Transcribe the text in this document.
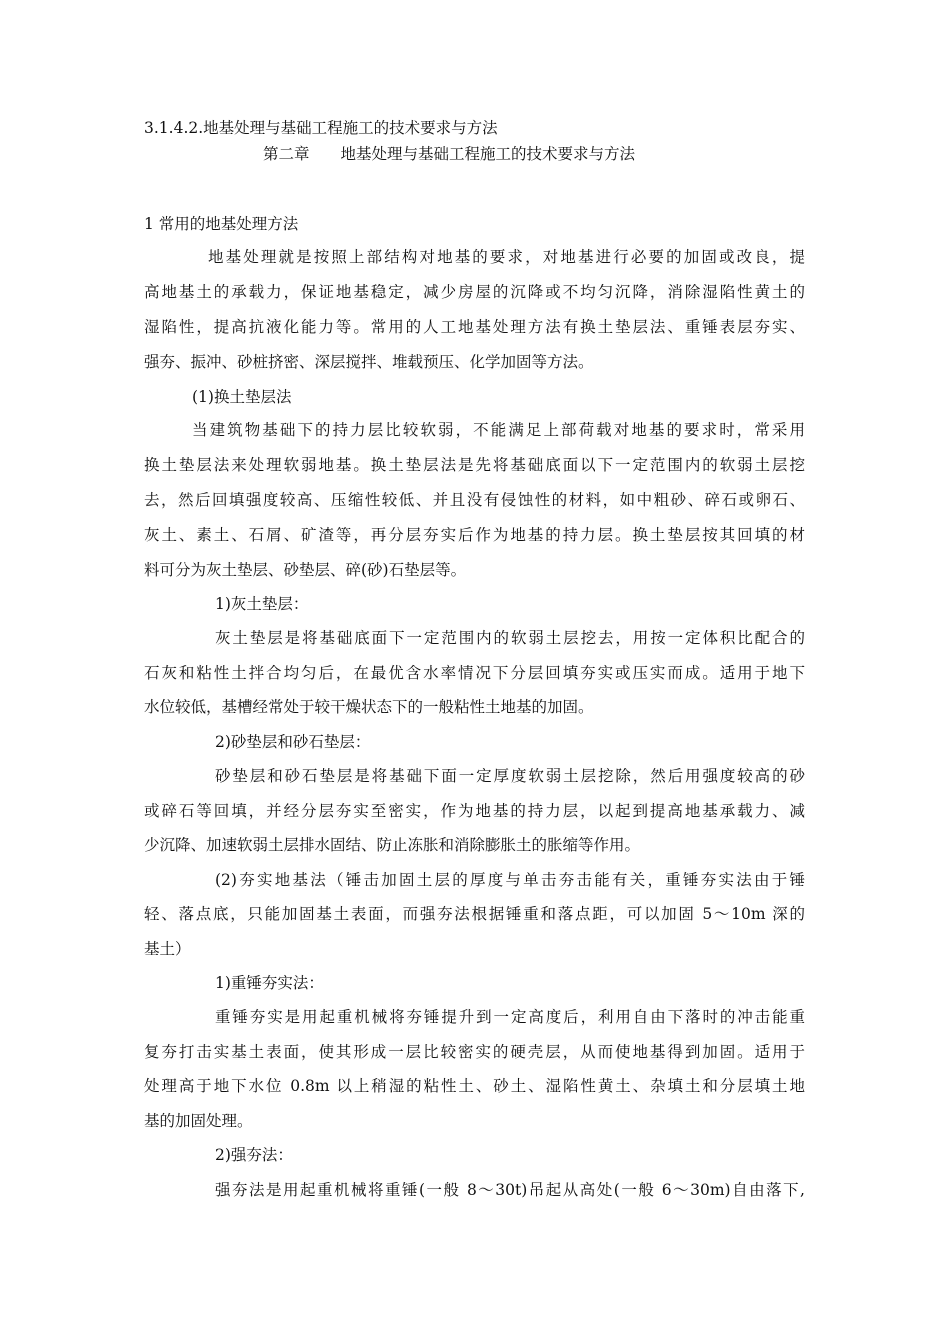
3.1.4.2.地基处理与基础工程施工的技术要求与方法

第二章　　地基处理与基础工程施工的技术要求与方法

1 常用的地基处理方法

地基处理就是按照上部结构对地基的要求，对地基进行必要的加固或改良，提

高地基土的承载力，保证地基稳定，减少房屋的沉降或不均匀沉降，消除湿陷性黄土的

湿陷性，提高抗液化能力等。常用的人工地基处理方法有换土垫层法、重锤表层夯实、

强夯、振冲、砂桩挤密、深层搅拌、堆载预压、化学加固等方法。

(1)换土垫层法

当建筑物基础下的持力层比较软弱，不能满足上部荷载对地基的要求时，常采用

换土垫层法来处理软弱地基。换土垫层法是先将基础底面以下一定范围内的软弱土层挖

去，然后回填强度较高、压缩性较低、并且没有侵蚀性的材料，如中粗砂、碎石或卵石、

灰土、素土、石屑、矿渣等，再分层夯实后作为地基的持力层。换土垫层按其回填的材

料可分为灰土垫层、砂垫层、碎(砂)石垫层等。

1)灰土垫层：

灰土垫层是将基础底面下一定范围内的软弱土层挖去，用按一定体积比配合的

石灰和粘性土拌合均匀后，在最优含水率情况下分层回填夯实或压实而成。适用于地下

水位较低，基槽经常处于较干燥状态下的一般粘性土地基的加固。

2)砂垫层和砂石垫层：

砂垫层和砂石垫层是将基础下面一定厚度软弱土层挖除，然后用强度较高的砂

或碎石等回填，并经分层夯实至密实，作为地基的持力层，以起到提高地基承载力、减

少沉降、加速软弱土层排水固结、防止冻胀和消除膨胀土的胀缩等作用。

(2)夯实地基法（锤击加固土层的厚度与单击夯击能有关，重锤夯实法由于锤

轻、落点底，只能加固基土表面，而强夯法根据锤重和落点距，可以加固 5～10m 深的

基土）

1)重锤夯实法：

重锤夯实是用起重机械将夯锤提升到一定高度后，利用自由下落时的冲击能重

复夯打击实基土表面，使其形成一层比较密实的硬壳层，从而使地基得到加固。适用于

处理高于地下水位 0.8m 以上稍湿的粘性土、砂土、湿陷性黄土、杂填土和分层填土地

基的加固处理。

2)强夯法：

强夯法是用起重机械将重锤(一般 8～30t)吊起从高处(一般 6～30m)自由落下,
